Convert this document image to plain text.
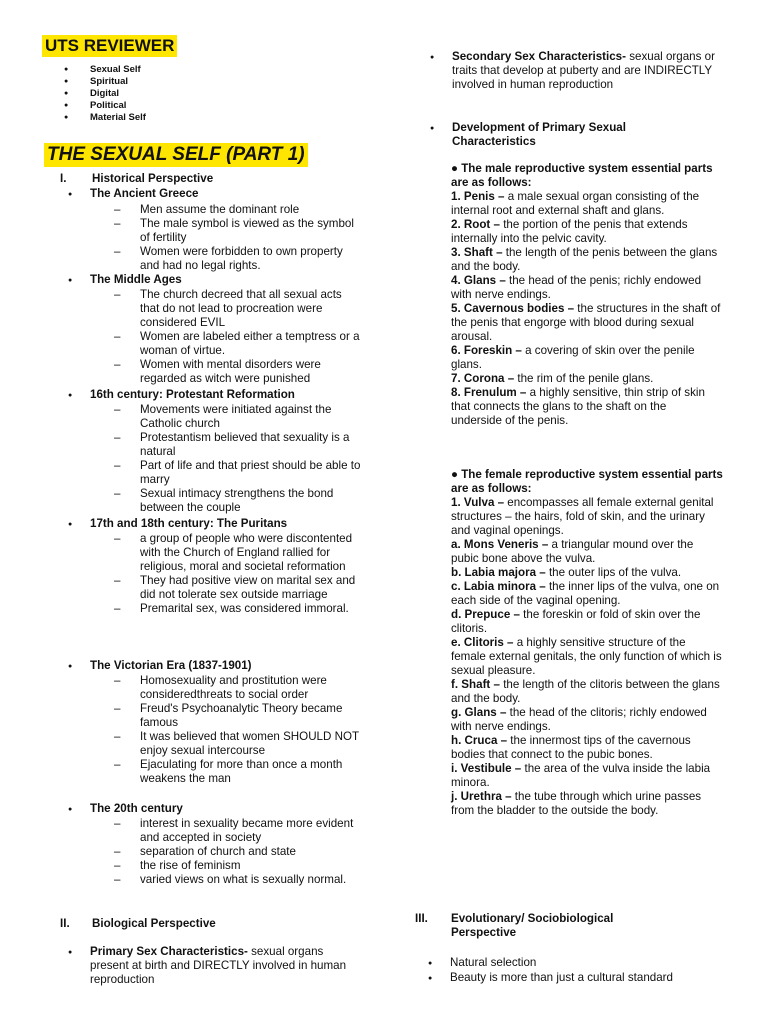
UTS REVIEWER
● Sexual Self
● Spiritual
● Digital
● Political
● Material Self
THE SEXUAL SELF (PART 1)
I. Historical Perspective
● The Ancient Greece
– Men assume the dominant role
– The male symbol is viewed as the symbol of fertility
– Women were forbidden to own property and had no legal rights.
● The Middle Ages
– The church decreed that all sexual acts that do not lead to procreation were considered EVIL
– Women are labeled either a temptress or a woman of virtue.
– Women with mental disorders were regarded as witch were punished
● 16th century: Protestant Reformation
– Movements were initiated against the Catholic church
– Protestantism believed that sexuality is a natural
– Part of life and that priest should be able to marry
– Sexual intimacy strengthens the bond between the couple
● 17th and 18th century: The Puritans
– a group of people who were discontented with the Church of England rallied for religious, moral and societal reformation
– They had positive view on marital sex and did not tolerate sex outside marriage
– Premarital sex, was considered immoral.
● The Victorian Era (1837-1901)
– Homosexuality and prostitution were consideredthreats to social order
– Freud's Psychoanalytic Theory became famous
– It was believed that women SHOULD NOT enjoy sexual intercourse
– Ejaculating for more than once a month weakens the man
● The 20th century
– interest in sexuality became more evident and accepted in society
– separation of church and state
– the rise of feminism
– varied views on what is sexually normal.
II. Biological Perspective
● Primary Sex Characteristics- sexual organs present at birth and DIRECTLY involved in human reproduction
● Secondary Sex Characteristics- sexual organs or traits that develop at puberty and are INDIRECTLY involved in human reproduction
● Development of Primary Sexual Characteristics

● The male reproductive system essential parts are as follows:

1. Penis – a male sexual organ consisting of the internal root and external shaft and glans.

2. Root – the portion of the penis that extends internally into the pelvic cavity.

3. Shaft – the length of the penis between the glans and the body.

4. Glans – the head of the penis; richly endowed with nerve endings.

5. Cavernous bodies – the structures in the shaft of the penis that engorge with blood during sexual arousal.

6. Foreskin – a covering of skin over the penile glans.

7. Corona – the rim of the penile glans.

8. Frenulum – a highly sensitive, thin strip of skin that connects the glans to the shaft on the underside of the penis.

● The female reproductive system essential parts are as follows:

1. Vulva – encompasses all female external genital structures – the hairs, fold of skin, and the urinary and vaginal openings.

a. Mons Veneris – a triangular mound over the pubic bone above the vulva.

b. Labia majora – the outer lips of the vulva.

c. Labia minora – the inner lips of the vulva, one on each side of the vaginal opening.

d. Prepuce – the foreskin or fold of skin over the clitoris.

e. Clitoris – a highly sensitive structure of the female external genitals, the only function of which is sexual pleasure.

f. Shaft – the length of the clitoris between the glans and the body.

g. Glans – the head of the clitoris; richly endowed with nerve endings.

h. Cruca – the innermost tips of the cavernous bodies that connect to the pubic bones.

i. Vestibule – the area of the vulva inside the labia minora.

j. Urethra – the tube through which urine passes from the bladder to the outside the body.

III. Evolutionary/ Sociobiological Perspective
● Natural selection
● Beauty is more than just a cultural standard
